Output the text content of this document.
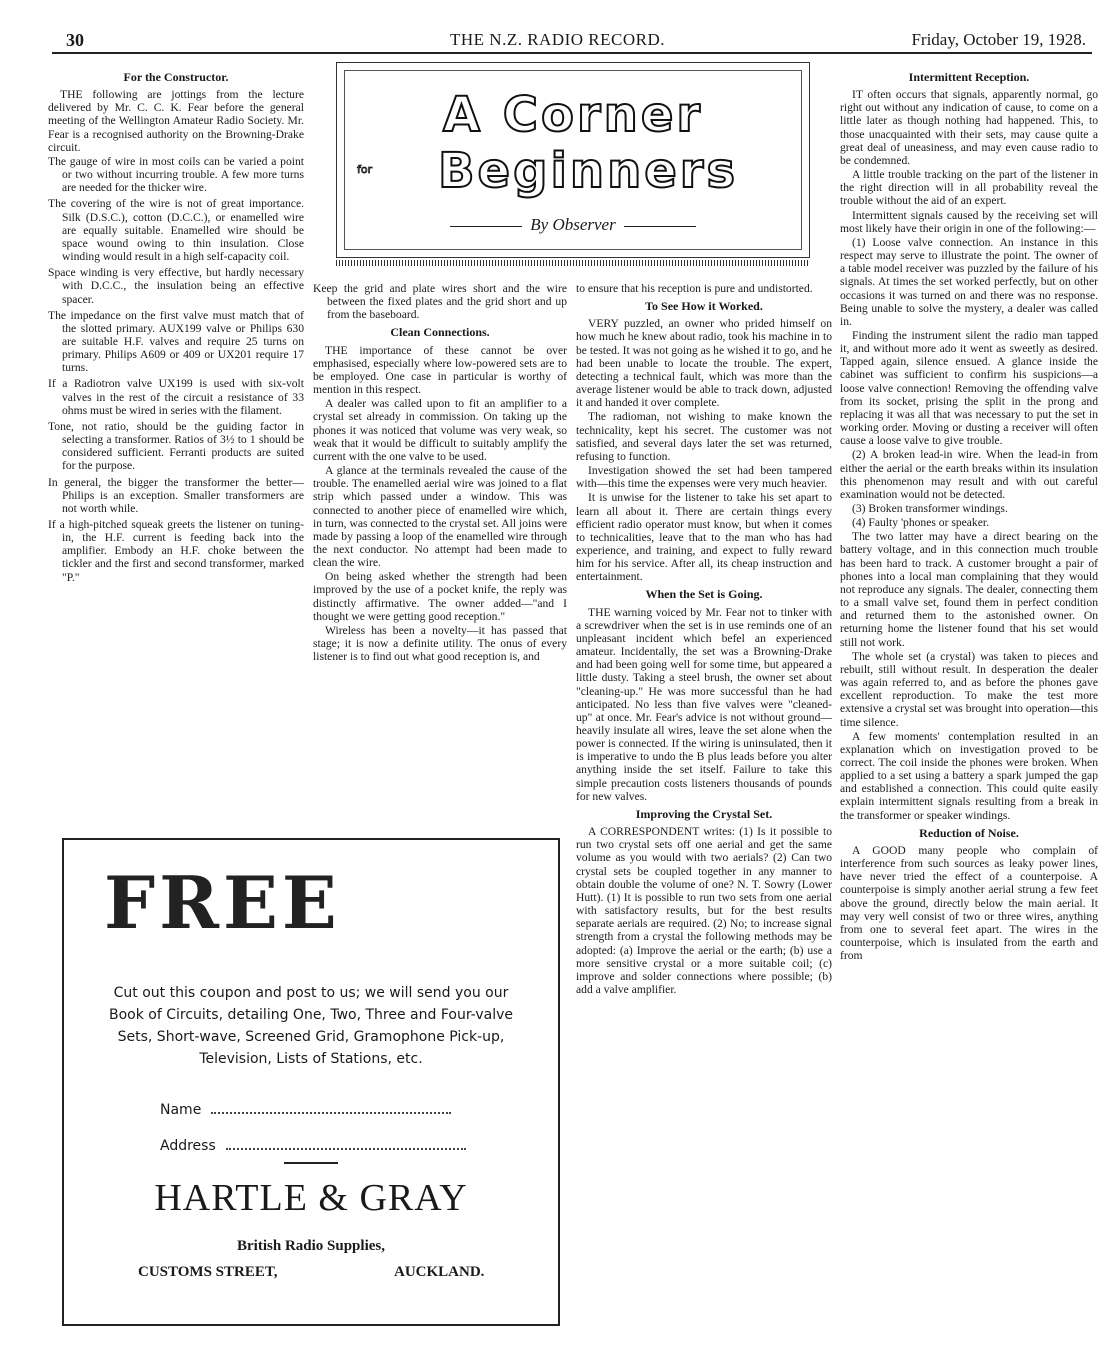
30	THE N.Z. RADIO RECORD.	Friday, October 19, 1928.
For the Constructor.

THE following are jottings from the lecture delivered by Mr. C. C. K. Fear before the general meeting of the Wellington Amateur Radio Society. Mr. Fear is a recognised authority on the Browning-Drake circuit.

The gauge of wire in most coils can be varied a point or two without incurring trouble. A few more turns are needed for the thicker wire.

The covering of the wire is not of great importance. Silk (D.S.C.), cotton (D.C.C.), or enamelled wire are equally suitable. Enamelled wire should be space wound owing to thin insulation. Close winding would result in a high self-capacity coil.

Space winding is very effective, but hardly necessary with D.C.C., the insulation being an effective spacer.

The impedance on the first valve must match that of the slotted primary. AUX199 valve or Philips 630 are suitable H.F. valves and require 25 turns on primary. Philips A609 or 409 or UX201 require 17 turns.

If a Radiotron valve UX199 is used with six-volt valves in the rest of the circuit a resistance of 33 ohms must be wired in series with the filament.

Tone, not ratio, should be the guiding factor in selecting a transformer. Ratios of 3½ to 1 should be considered sufficient. Ferranti products are suited for the purpose.

In general, the bigger the transformer the better—Philips is an exception. Smaller transformers are not worth while.

If a high-pitched squeak greets the listener on tuning-in, the H.F. current is feeding back into the amplifier. Embody an H.F. choke between the tickler and the first and second transformer, marked "P."

A Corner
for	Beginners
By Observer

Keep the grid and plate wires short and the wire between the fixed plates and the grid short and up from the baseboard.

Clean Connections.

THE importance of these cannot be over emphasised, especially where low-powered sets are to be employed. One case in particular is worthy of mention in this respect.

A dealer was called upon to fit an amplifier to a crystal set already in commission. On taking up the phones it was noticed that volume was very weak, so weak that it would be difficult to suitably amplify the current with the one valve to be used.

A glance at the terminals revealed the cause of the trouble. The enamelled aerial wire was joined to a flat strip which passed under a window. This was connected to another piece of enamelled wire which, in turn, was connected to the crystal set. All joins were made by passing a loop of the enamelled wire through the next conductor. No attempt had been made to clean the wire.

On being asked whether the strength had been improved by the use of a pocket knife, the reply was distinctly affirmative. The owner added—"and I thought we were getting good reception."

Wireless has been a novelty—it has passed that stage; it is now a definite utility. The onus of every listener is to find out what good reception is, and

to ensure that his reception is pure and undistorted.

To See How it Worked.

VERY puzzled, an owner who prided himself on how much he knew about radio, took his machine in to be tested. It was not going as he wished it to go, and he had been unable to locate the trouble. The expert, detecting a technical fault, which was more than the average listener would be able to track down, adjusted it and handed it over complete.

The radioman, not wishing to make known the technicality, kept his secret. The customer was not satisfied, and several days later the set was returned, refusing to function.

Investigation showed the set had been tampered with—this time the expenses were very much heavier.

It is unwise for the listener to take his set apart to learn all about it. There are certain things every efficient radio operator must know, but when it comes to technicalities, leave that to the man who has had experience, and training, and expect to fully reward him for his service. After all, its cheap instruction and entertainment.

When the Set is Going.

THE warning voiced by Mr. Fear not to tinker with a screwdriver when the set is in use reminds one of an unpleasant incident which befel an experienced amateur. Incidentally, the set was a Browning-Drake and had been going well for some time, but appeared a little dusty. Taking a steel brush, the owner set about "cleaning-up." He was more successful than he had anticipated. No less than five valves were "cleaned-up" at once. Mr. Fear's advice is not without ground—heavily insulate all wires, leave the set alone when the power is connected. If the wiring is uninsulated, then it is imperative to undo the B plus leads before you alter anything inside the set itself. Failure to take this simple precaution costs listeners thousands of pounds for new valves.

Improving the Crystal Set.

A CORRESPONDENT writes: (1) Is it possible to run two crystal sets off one aerial and get the same volume as you would with two aerials? (2) Can two crystal sets be coupled together in any manner to obtain double the volume of one? N. T. Sowry (Lower Hutt). (1) It is possible to run two sets from one aerial with satisfactory results, but for the best results separate aerials are required. (2) No; to increase signal strength from a crystal the following methods may be adopted: (a) Improve the aerial or the earth; (b) use a more sensitive crystal or a more suitable coil; (c) improve and solder connections where possible; (b) add a valve amplifier.

Intermittent Reception.

IT often occurs that signals, apparently normal, go right out without any indication of cause, to come on a little later as though nothing had happened. This, to those unacquainted with their sets, may cause quite a great deal of uneasiness, and may even cause radio to be condemned.

A little trouble tracking on the part of the listener in the right direction will in all probability reveal the trouble without the aid of an expert.

Intermittent signals caused by the receiving set will most likely have their origin in one of the following:—

(1) Loose valve connection. An instance in this respect may serve to illustrate the point. The owner of a table model receiver was puzzled by the failure of his signals. At times the set worked perfectly, but on other occasions it was turned on and there was no response. Being unable to solve the mystery, a dealer was called in.

Finding the instrument silent the radio man tapped it, and without more ado it went as sweetly as desired. Tapped again, silence ensued. A glance inside the cabinet was sufficient to confirm his suspicions—a loose valve connection! Removing the offending valve from its socket, prising the split in the prong and replacing it was all that was necessary to put the set in working order. Moving or dusting a receiver will often cause a loose valve to give trouble.

(2) A broken lead-in wire. When the lead-in from either the aerial or the earth breaks within its insulation this phenomenon may result and with out careful examination would not be detected.

(3) Broken transformer windings.

(4) Faulty 'phones or speaker.

The two latter may have a direct bearing on the battery voltage, and in this connection much trouble has been hard to track. A customer brought a pair of phones into a local man complaining that they would not reproduce any signals. The dealer, connecting them to a small valve set, found them in perfect condition and returned them to the astonished owner. On returning home the listener found that his set would still not work.

The whole set (a crystal) was taken to pieces and rebuilt, still without result. In desperation the dealer was again referred to, and as before the phones gave excellent reproduction. To make the test more extensive a crystal set was brought into operation—this time silence.

A few moments' contemplation resulted in an explanation which on investigation proved to be correct. The coil inside the phones were broken. When applied to a set using a battery a spark jumped the gap and established a connection. This could quite easily explain intermittent signals resulting from a break in the transformer or speaker windings.

Reduction of Noise.

A GOOD many people who complain of interference from such sources as leaky power lines, have never tried the effect of a counterpoise. A counterpoise is simply another aerial strung a few feet above the ground, directly below the main aerial. It may very well consist of two or three wires, anything from one to several feet apart. The wires in the counterpoise, which is insulated from the earth and from

FREE
Cut out this coupon and post to us; we will send you our Book of Circuits, detailing One, Two, Three and Four-valve Sets, Short-wave, Screened Grid, Gramophone Pick-up, Television, Lists of Stations, etc.
Name
Address
HARTLE & GRAY
British Radio Supplies,
CUSTOMS STREET,	AUCKLAND.
